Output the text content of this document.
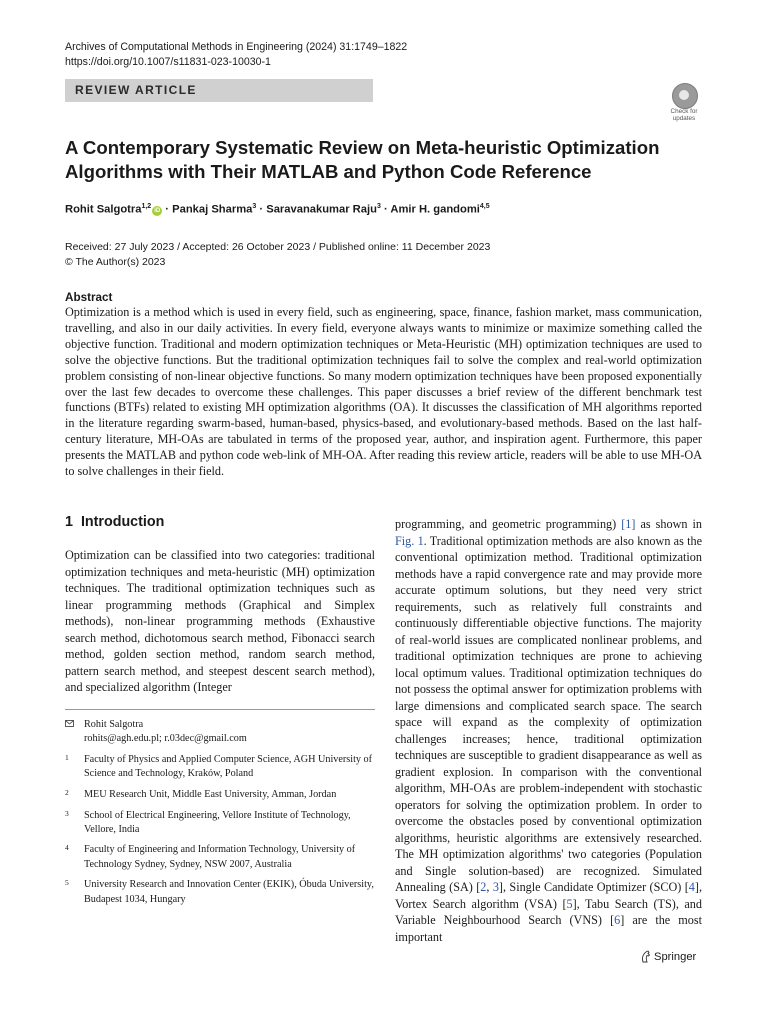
Archives of Computational Methods in Engineering (2024) 31:1749–1822
https://doi.org/10.1007/s11831-023-10030-1
REVIEW ARTICLE
Check for
updates
A Contemporary Systematic Review on Meta-heuristic Optimization
Algorithms with Their MATLAB and Python Code Reference
Rohit Salgotra$^{1,2}$iD · Pankaj Sharma$^3$ · Saravanakumar Raju$^3$ · Amir H. gandomi$^{4,5}$
Received: 27 July 2023 / Accepted: 26 October 2023 / Published online: 11 December 2023
© The Author(s) 2023
Abstract
Optimization is a method which is used in every field, such as engineering, space, finance, fashion market, mass communication, travelling, and also in our daily activities. In every field, everyone always wants to minimize or maximize something called the objective function. Traditional and modern optimization techniques or Meta-Heuristic (MH) optimization techniques are used to solve the objective functions. But the traditional optimization techniques fail to solve the complex and real-world optimization problem consisting of non-linear objective functions. So many modern optimization techniques have been proposed exponentially over the last few decades to overcome these challenges. This paper discusses a brief review of the different benchmark test functions (BTFs) related to existing MH optimization algorithms (OA). It discusses the classification of MH algorithms reported in the literature regarding swarm-based, human-based, physics-based, and evolutionary-based methods. Based on the last half-century literature, MH-OAs are tabulated in terms of the proposed year, author, and inspiration agent. Furthermore, this paper presents the MATLAB and python code web-link of MH-OA. After reading this review article, readers will be able to use MH-OA to solve challenges in their field.
1 Introduction
Optimization can be classified into two categories: traditional optimization techniques and meta-heuristic (MH) optimization techniques. The traditional optimization techniques such as linear programming methods (Graphical and Simplex methods), non-linear programming methods (Exhaustive search method, dichotomous search method, Fibonacci search method, golden section method, random search method, pattern search method, and steepest descent search method), and specialized algorithm (Integer
programming, and geometric programming) [1] as shown in Fig. 1. Traditional optimization methods are also known as the conventional optimization method. Traditional optimization methods have a rapid convergence rate and may provide more accurate optimum solutions, but they need very strict requirements, such as relatively full constraints and continuously differentiable objective functions. The majority of real-world issues are complicated nonlinear problems, and traditional optimization techniques are prone to achieving local optimum values. Traditional optimization techniques do not possess the optimal answer for optimization problems with large dimensions and complicated search space. The search space will expand as the complexity of optimization challenges increases; hence, traditional optimization techniques are susceptible to gradient disappearance as well as gradient explosion. In comparison with the conventional algorithm, MH-OAs are problem-independent with stochastic operators for solving the optimization problem. In order to overcome the obstacles posed by conventional optimization algorithms, heuristic algorithms are extensively researched. The MH optimization algorithms' two categories (Population and Single solution-based) are recognized. Simulated Annealing (SA) [2, 3], Single Candidate Optimizer (SCO) [4], Vortex Search algorithm (VSA) [5], Tabu Search (TS), and Variable Neighbourhood Search (VNS) [6] are the most important
Rohit Salgotra
rohits@agh.edu.pl; r.03dec@gmail.com
1 Faculty of Physics and Applied Computer Science, AGH University of Science and Technology, Kraków, Poland
2 MEU Research Unit, Middle East University, Amman, Jordan
3 School of Electrical Engineering, Vellore Institute of Technology, Vellore, India
4 Faculty of Engineering and Information Technology, University of Technology Sydney, Sydney, NSW 2007, Australia
5 University Research and Innovation Center (EKIK), Óbuda University, Budapest 1034, Hungary
Springer
